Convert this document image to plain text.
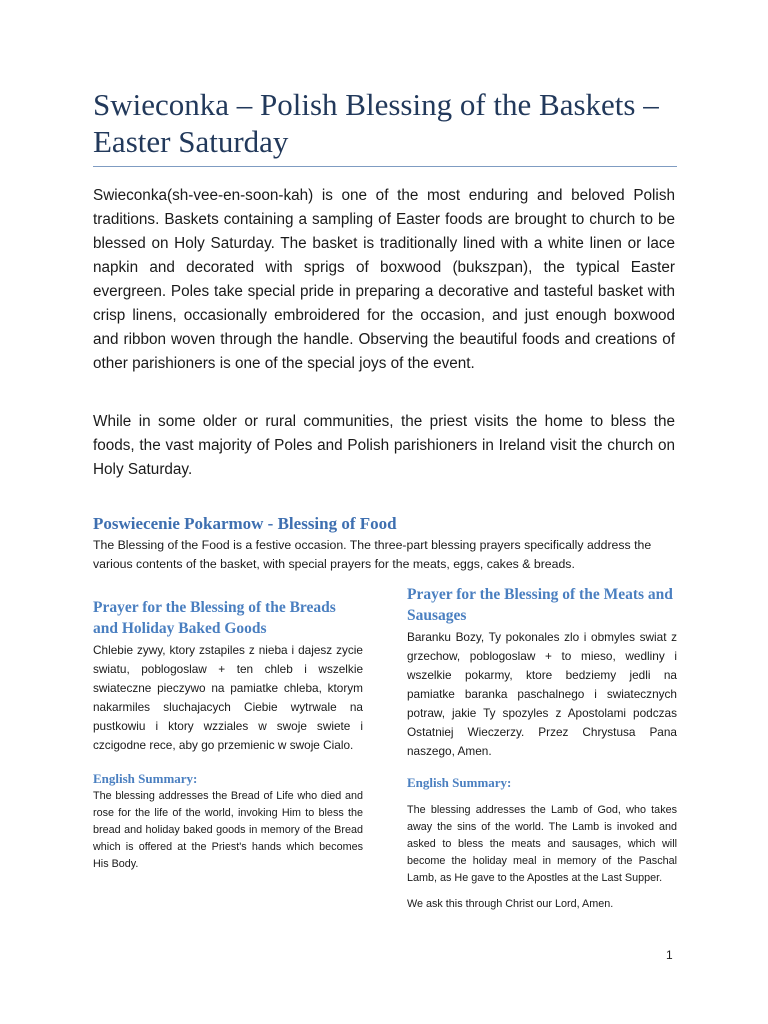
Swieconka – Polish Blessing of the Baskets – Easter Saturday

Swieconka(sh-vee-en-soon-kah) is one of the most enduring and beloved Polish traditions. Baskets containing a sampling of Easter foods are brought to church to be blessed on Holy Saturday. The basket is traditionally lined with a white linen or lace napkin and decorated with sprigs of boxwood (bukszpan), the typical Easter evergreen. Poles take special pride in preparing a decorative and tasteful basket with crisp linens, occasionally embroidered for the occasion, and just enough boxwood and ribbon woven through the handle. Observing the beautiful foods and creations of other parishioners is one of the special joys of the event.

While in some older or rural communities, the priest visits the home to bless the foods, the vast majority of Poles and Polish parishioners in Ireland visit the church on Holy Saturday.

Poswiecenie Pokarmow - Blessing of Food

The Blessing of the Food is a festive occasion. The three-part blessing prayers specifically address the various contents of the basket, with special prayers for the meats, eggs, cakes & breads.

Prayer for the Blessing of the Breads and Holiday Baked Goods

Chlebie zywy, ktory zstapiles z nieba i dajesz zycie swiatu, poblogoslaw + ten chleb i wszelkie swiateczne pieczywo na pamiatke chleba, ktorym nakarmiles sluchajacych Ciebie wytrwale na pustkowiu i ktory wzziales w swoje swiete i czcigodne rece, aby go przemienic w swoje Cialo.

English Summary:

The blessing addresses the Bread of Life who died and rose for the life of the world, invoking Him to bless the bread and holiday baked goods in memory of the Bread which is offered at the Priest's hands which becomes His Body.

Prayer for the Blessing of the Meats and Sausages

Baranku Bozy, Ty pokonales zlo i obmyles swiat z grzechow, poblogoslaw + to mieso, wedliny i wszelkie pokarmy, ktore bedziemy jedli na pamiatke baranka paschalnego i swiatecznych potraw, jakie Ty spozyles z Apostolami podczas Ostatniej Wieczerzy. Przez Chrystusa Pana naszego, Amen.

English Summary:

The blessing addresses the Lamb of God, who takes away the sins of the world. The Lamb is invoked and asked to bless the meats and sausages, which will become the holiday meal in memory of the Paschal Lamb, as He gave to the Apostles at the Last Supper.

We ask this through Christ our Lord, Amen.

1
